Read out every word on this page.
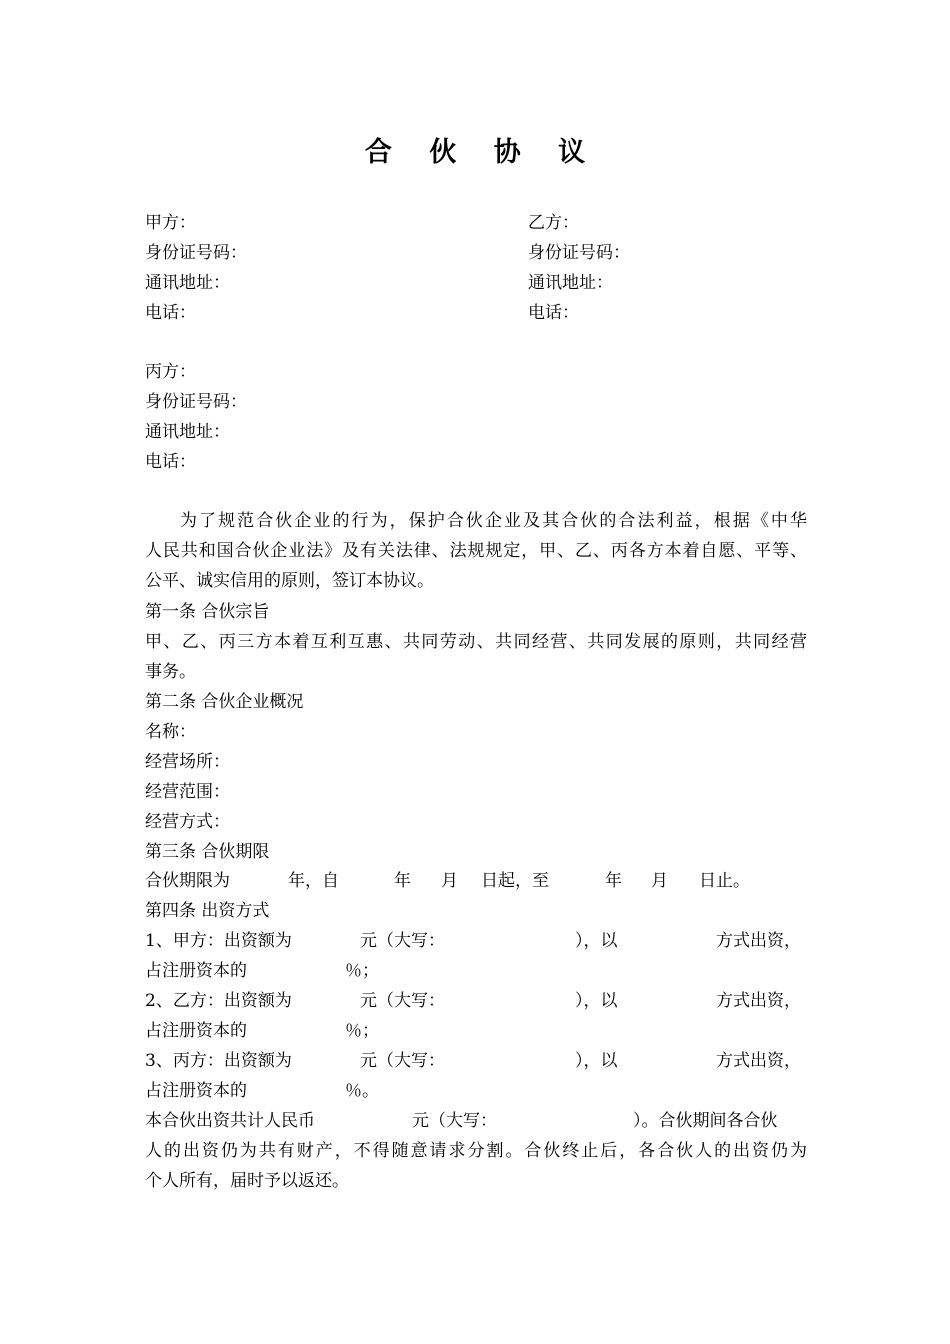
合 伙 协 议
甲方：	乙方：
身份证号码：	身份证号码：
通讯地址：	通讯地址：
电话：	电话：
丙方：
身份证号码：
通讯地址：
电话：
为了规范合伙企业的行为，保护合伙企业及其合伙的合法利益，根据《中华
人民共和国合伙企业法》及有关法律、法规规定，甲、乙、丙各方本着自愿、平等、
公平、诚实信用的原则，签订本协议。
第一条 合伙宗旨
甲、乙、丙三方本着互利互惠、共同劳动、共同经营、共同发展的原则，共同经营
事务。
第二条 合伙企业概况
名称：
经营场所：
经营范围：
经营方式：
第三条 合伙期限
合伙期限为	年，自	年 月 日起，至	年 月 日止。
第四条 出资方式
1、甲方：出资额为	元（大写：	），以	方式出资，
占注册资本的	％；
2、乙方：出资额为	元（大写：	），以	方式出资，
占注册资本的	％；
3、丙方：出资额为	元（大写：	），以	方式出资，
占注册资本的	％。
本合伙出资共计人民币	元（大写：	）。合伙期间各合伙
人的出资仍为共有财产，不得随意请求分割。合伙终止后，各合伙人的出资仍为
个人所有，届时予以返还。
